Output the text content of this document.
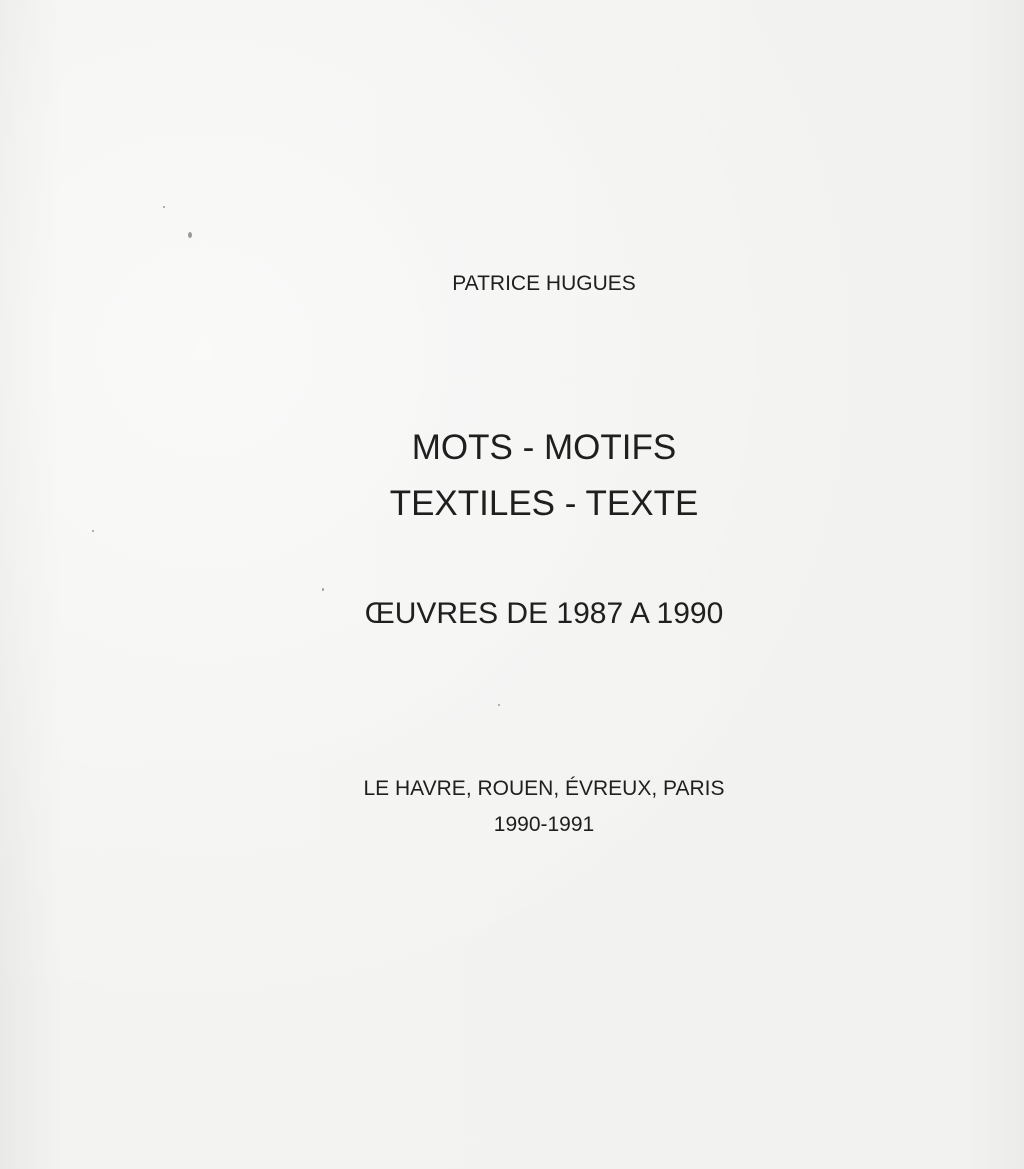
PATRICE HUGUES
MOTS - MOTIFS
TEXTILES - TEXTE
ŒUVRES DE 1987 A 1990
LE HAVRE, ROUEN, ÉVREUX, PARIS
1990-1991
